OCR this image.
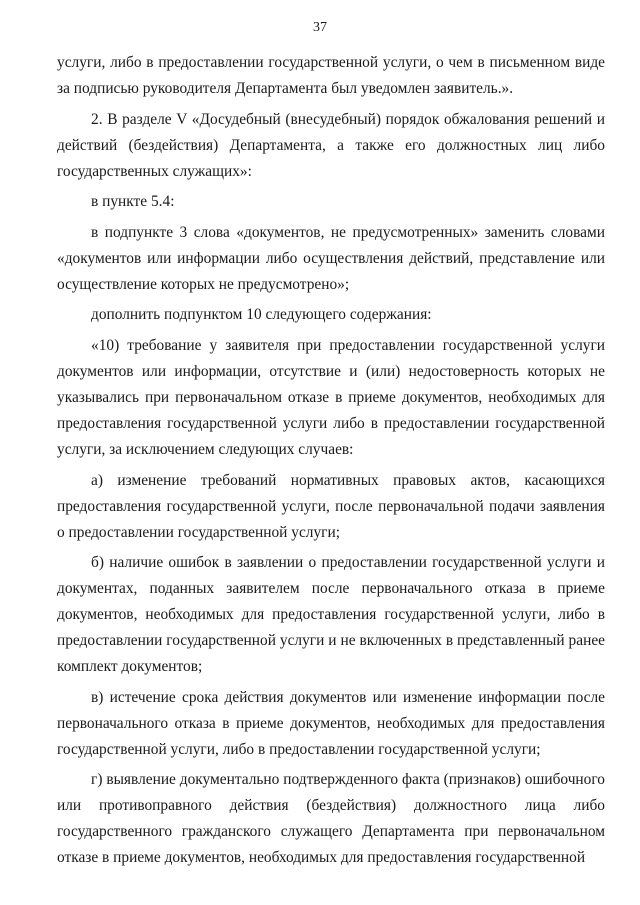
37

услуги, либо в предоставлении государственной услуги, о чем в письменном виде за подписью руководителя Департамента был уведомлен заявитель.».

2. В разделе V «Досудебный (внесудебный) порядок обжалования решений и действий (бездействия) Департамента, а также его должностных лиц либо государственных служащих»:

в пункте 5.4:

в подпункте 3 слова «документов, не предусмотренных» заменить словами «документов или информации либо осуществления действий, представление или осуществление которых не предусмотрено»;

дополнить подпунктом 10 следующего содержания:

«10) требование у заявителя при предоставлении государственной услуги документов или информации, отсутствие и (или) недостоверность которых не указывались при первоначальном отказе в приеме документов, необходимых для предоставления государственной услуги либо в предоставлении государственной услуги, за исключением следующих случаев:

а) изменение требований нормативных правовых актов, касающихся предоставления государственной услуги, после первоначальной подачи заявления о предоставлении государственной услуги;

б) наличие ошибок в заявлении о предоставлении государственной услуги и документах, поданных заявителем после первоначального отказа в приеме документов, необходимых для предоставления государственной услуги, либо в предоставлении государственной услуги и не включенных в представленный ранее комплект документов;

в) истечение срока действия документов или изменение информации после первоначального отказа в приеме документов, необходимых для предоставления государственной услуги, либо в предоставлении государственной услуги;

г) выявление документально подтвержденного факта (признаков) ошибочного или противоправного действия (бездействия) должностного лица либо государственного гражданского служащего Департамента при первоначальном отказе в приеме документов, необходимых для предоставления государственной
